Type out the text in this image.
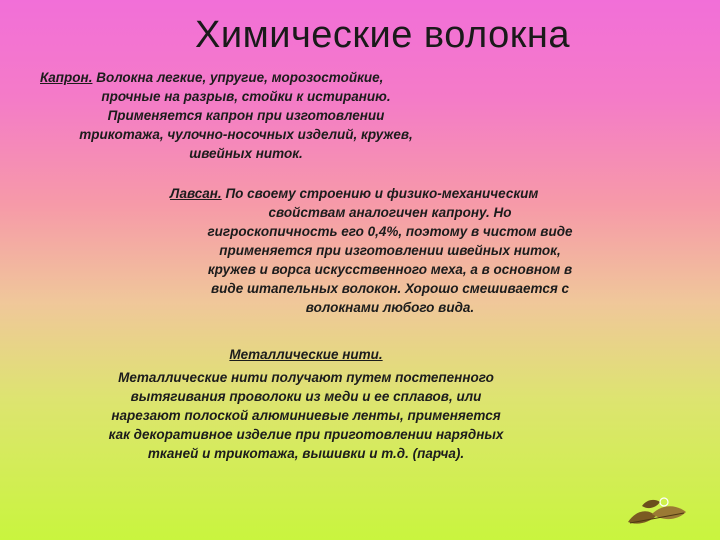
Химические волокна

Капрон. Волокна легкие, упругие, морозостойкие,

прочные на разрыв, стойки к истиранию.

Применяется капрон при изготовлении

трикотажа, чулочно-носочных изделий, кружев,

швейных ниток.

Лавсан. По своему строению и физико-механическим

свойствам аналогичен капрону. Но

гигроскопичность его 0,4%, поэтому в чистом виде

применяется при изготовлении швейных ниток,

кружев и ворса искусственного меха, а в основном в

виде штапельных волокон. Хорошо смешивается с

волокнами любого вида.

Металлические нити.

Металлические нити получают путем постепенного

вытягивания проволоки из меди и ее сплавов, или

нарезают полоской алюминиевые ленты, применяется

как декоративное изделие при приготовлении нарядных

тканей и трикотажа, вышивки и т.д. (парча).
